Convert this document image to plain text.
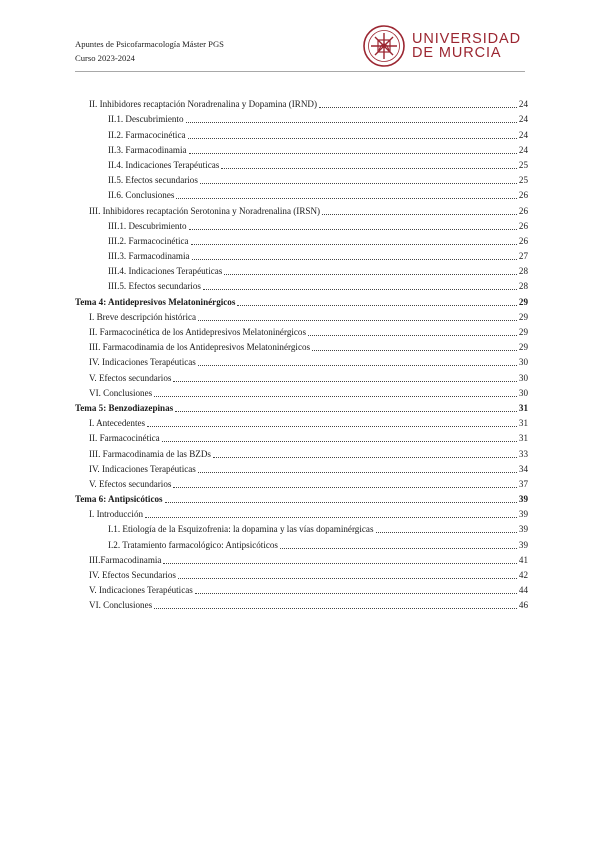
Apuntes de Psicofarmacología Máster PGS
Curso 2023-2024
UNIVERSIDAD
DE MURCIA
II. Inhibidores recaptación Noradrenalina y Dopamina (IRND)	24
II.1. Descubrimiento	24
II.2. Farmacocinética	24
II.3. Farmacodinamia	24
II.4. Indicaciones Terapéuticas	25
II.5. Efectos secundarios	25
II.6. Conclusiones	26
III. Inhibidores recaptación Serotonina y Noradrenalina (IRSN)	26
III.1. Descubrimiento	26
III.2. Farmacocinética	26
III.3. Farmacodinamia	27
III.4. Indicaciones Terapéuticas	28
III.5. Efectos secundarios	28
Tema 4: Antidepresivos Melatoninérgicos	29
I. Breve descripción histórica	29
II. Farmacocinética de los Antidepresivos Melatoninérgicos	29
III. Farmacodinamia de los Antidepresivos Melatoninérgicos	29
IV. Indicaciones Terapéuticas	30
V. Efectos secundarios	30
VI. Conclusiones	30
Tema 5: Benzodiazepinas	31
I. Antecedentes	31
II. Farmacocinética	31
III. Farmacodinamia de las BZDs	33
IV. Indicaciones Terapéuticas	34
V. Efectos secundarios	37
Tema 6: Antipsicóticos	39
I. Introducción	39
I.1. Etiología de la Esquizofrenia: la dopamina y las vías dopaminérgicas	39
I.2. Tratamiento farmacológico: Antipsicóticos	39
III.Farmacodinamia	41
IV. Efectos Secundarios	42
V. Indicaciones Terapéuticas	44
VI. Conclusiones	46
